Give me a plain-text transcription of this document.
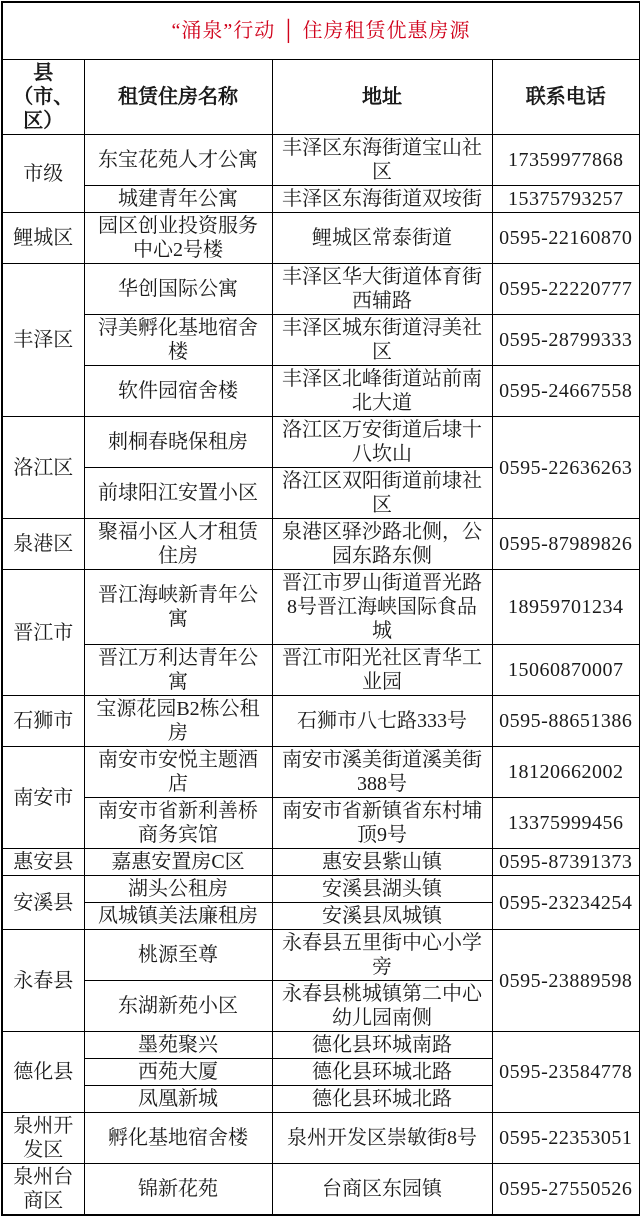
“涌泉”行动 │ 住房租赁优惠房源			
县（市、区）	租赁住房名称	地址	联系电话
市级	东宝花苑人才公寓	丰泽区东海街道宝山社区	17359977868
	城建青年公寓	丰泽区东海街道双垵街	15375793257
鲤城区	园区创业投资服务中心2号楼	鲤城区常泰街道	0595-22160870
丰泽区	华创国际公寓	丰泽区华大街道体育街西辅路	0595-22220777
	浔美孵化基地宿舍楼	丰泽区城东街道浔美社区	0595-28799333
	软件园宿舍楼	丰泽区北峰街道站前南北大道	0595-24667558
洛江区	刺桐春晓保租房	洛江区万安街道后埭十八坎山	0595-22636263
	前埭阳江安置小区	洛江区双阳街道前埭社区	
泉港区	聚福小区人才租赁住房	泉港区驿沙路北侧，公园东路东侧	0595-87989826
晋江市	晋江海峡新青年公寓	晋江市罗山街道晋光路8号晋江海峡国际食品城	18959701234
	晋江万利达青年公寓	晋江市阳光社区青华工业园	15060870007
石狮市	宝源花园B2栋公租房	石狮市八七路333号	0595-88651386
南安市	南安市安悦主题酒店	南安市溪美街道溪美街388号	18120662002
	南安市省新利善桥商务宾馆	南安市省新镇省东村埔顶9号	13375999456
惠安县	嘉惠安置房C区	惠安县紫山镇	0595-87391373
安溪县	湖头公租房	安溪县湖头镇	0595-23234254
	凤城镇美法廉租房	安溪县凤城镇	
永春县	桃源至尊	永春县五里街中心小学旁	0595-23889598
	东湖新苑小区	永春县桃城镇第二中心幼儿园南侧	
德化县	墨苑聚兴	德化县环城南路	0595-23584778
	西苑大厦	德化县环城北路	
	凤凰新城	德化县环城北路	
泉州开发区	孵化基地宿舍楼	泉州开发区崇敏街8号	0595-22353051
泉州台商区	锦新花苑	台商区东园镇	0595-27550526
